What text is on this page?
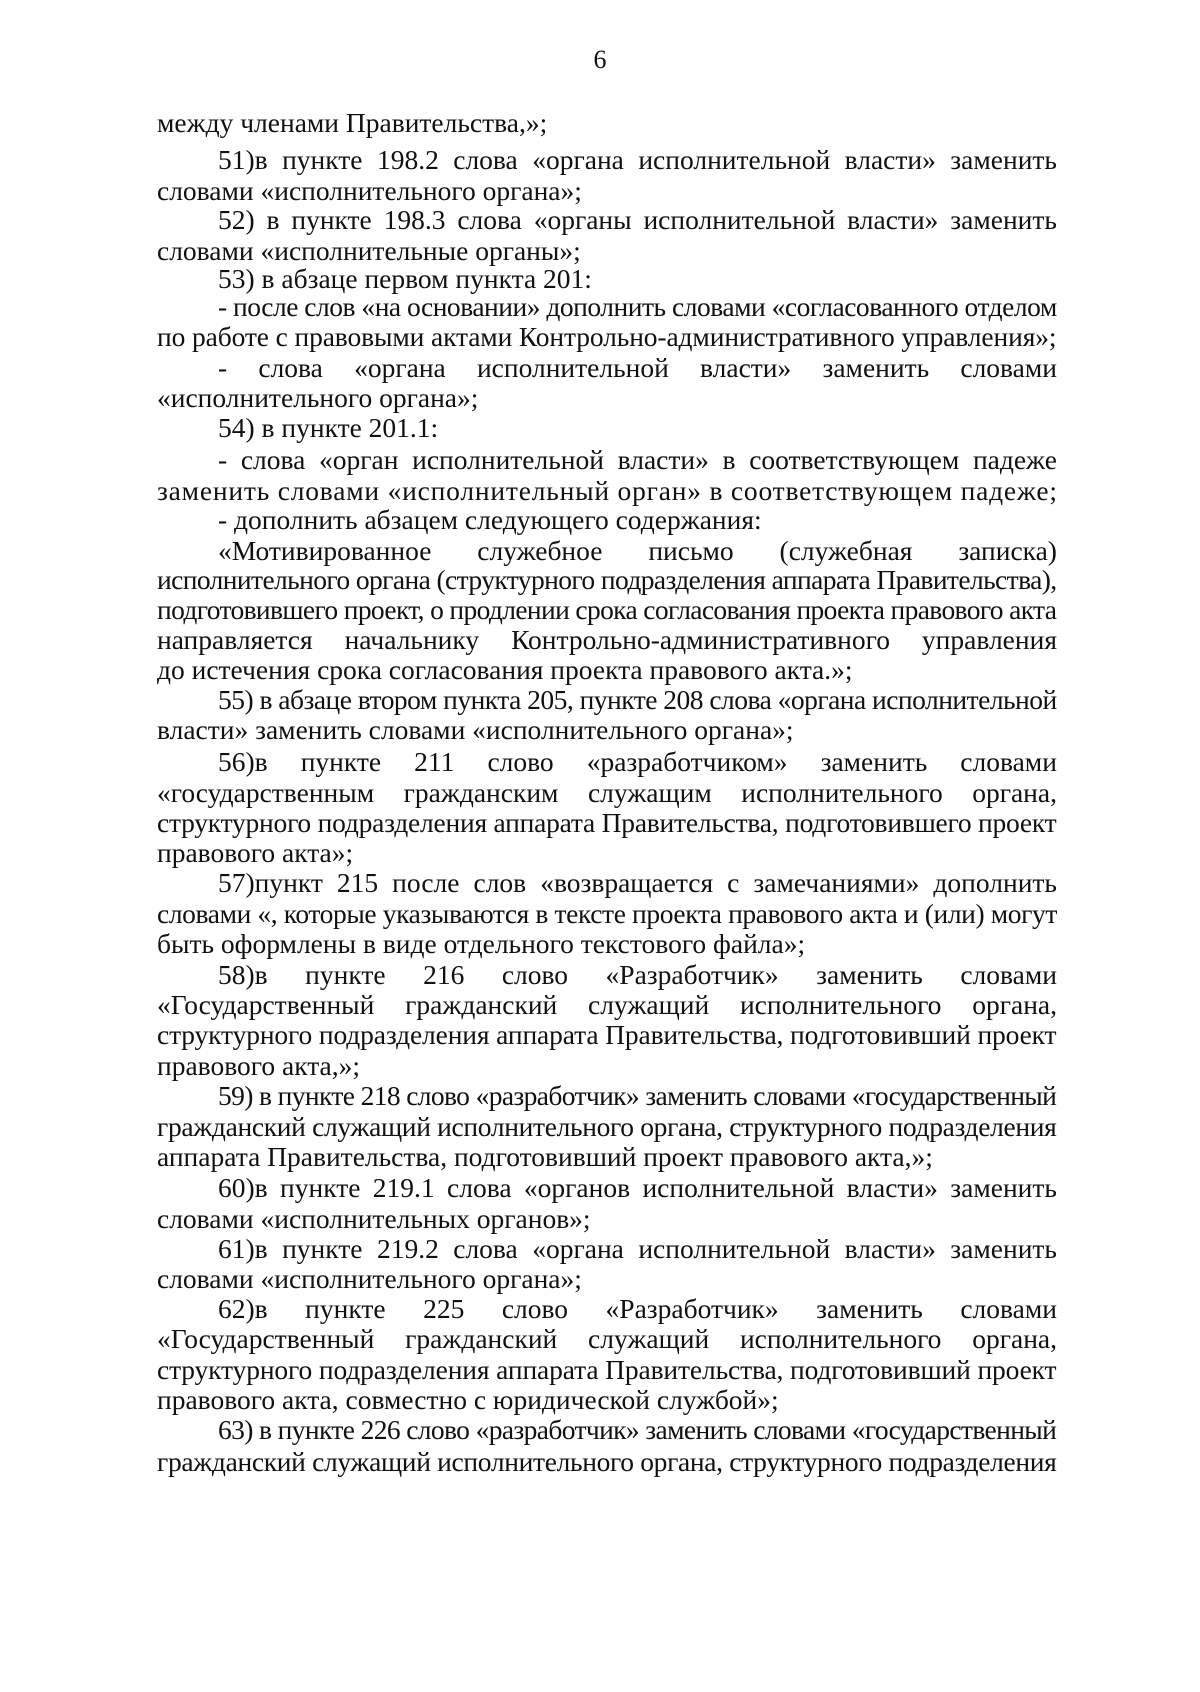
6
между членами Правительства,»;
51)в пункте 198.2 слова «органа исполнительной власти» заменить
словами «исполнительного органа»;
52) в пункте 198.3 слова «органы исполнительной власти» заменить
словами «исполнительные органы»;
53) в абзаце первом пункта 201:
- после слов «на основании» дополнить словами «согласованного отделом
по работе с правовыми актами Контрольно-административного управления»;
- слова «органа исполнительной власти» заменить словами
«исполнительного органа»;
54) в пункте 201.1:
- слова «орган исполнительной власти» в соответствующем падеже
заменить словами «исполнительный орган» в соответствующем падеже;
- дополнить абзацем следующего содержания:
«Мотивированное служебное письмо (служебная записка)
исполнительного органа (структурного подразделения аппарата Правительства),
подготовившего проект, о продлении срока согласования проекта правового акта
направляется начальнику Контрольно-административного управления
до истечения срока согласования проекта правового акта.»;
55) в абзаце втором пункта 205, пункте 208 слова «органа исполнительной
власти» заменить словами «исполнительного органа»;
56)в пункте 211 слово «разработчиком» заменить словами
«государственным гражданским служащим исполнительного органа,
структурного подразделения аппарата Правительства, подготовившего проект
правового акта»;
57)пункт 215 после слов «возвращается с замечаниями» дополнить
словами «, которые указываются в тексте проекта правового акта и (или) могут
быть оформлены в виде отдельного текстового файла»;
58)в пункте 216 слово «Разработчик» заменить словами
«Государственный гражданский служащий исполнительного органа,
структурного подразделения аппарата Правительства, подготовивший проект
правового акта,»;
59) в пункте 218 слово «разработчик» заменить словами «государственный
гражданский служащий исполнительного органа, структурного подразделения
аппарата Правительства, подготовивший проект правового акта,»;
60)в пункте 219.1 слова «органов исполнительной власти» заменить
словами «исполнительных органов»;
61)в пункте 219.2 слова «органа исполнительной власти» заменить
словами «исполнительного органа»;
62)в пункте 225 слово «Разработчик» заменить словами
«Государственный гражданский служащий исполнительного органа,
структурного подразделения аппарата Правительства, подготовивший проект
правового акта, совместно с юридической службой»;
63) в пункте 226 слово «разработчик» заменить словами «государственный
гражданский служащий исполнительного органа, структурного подразделения
